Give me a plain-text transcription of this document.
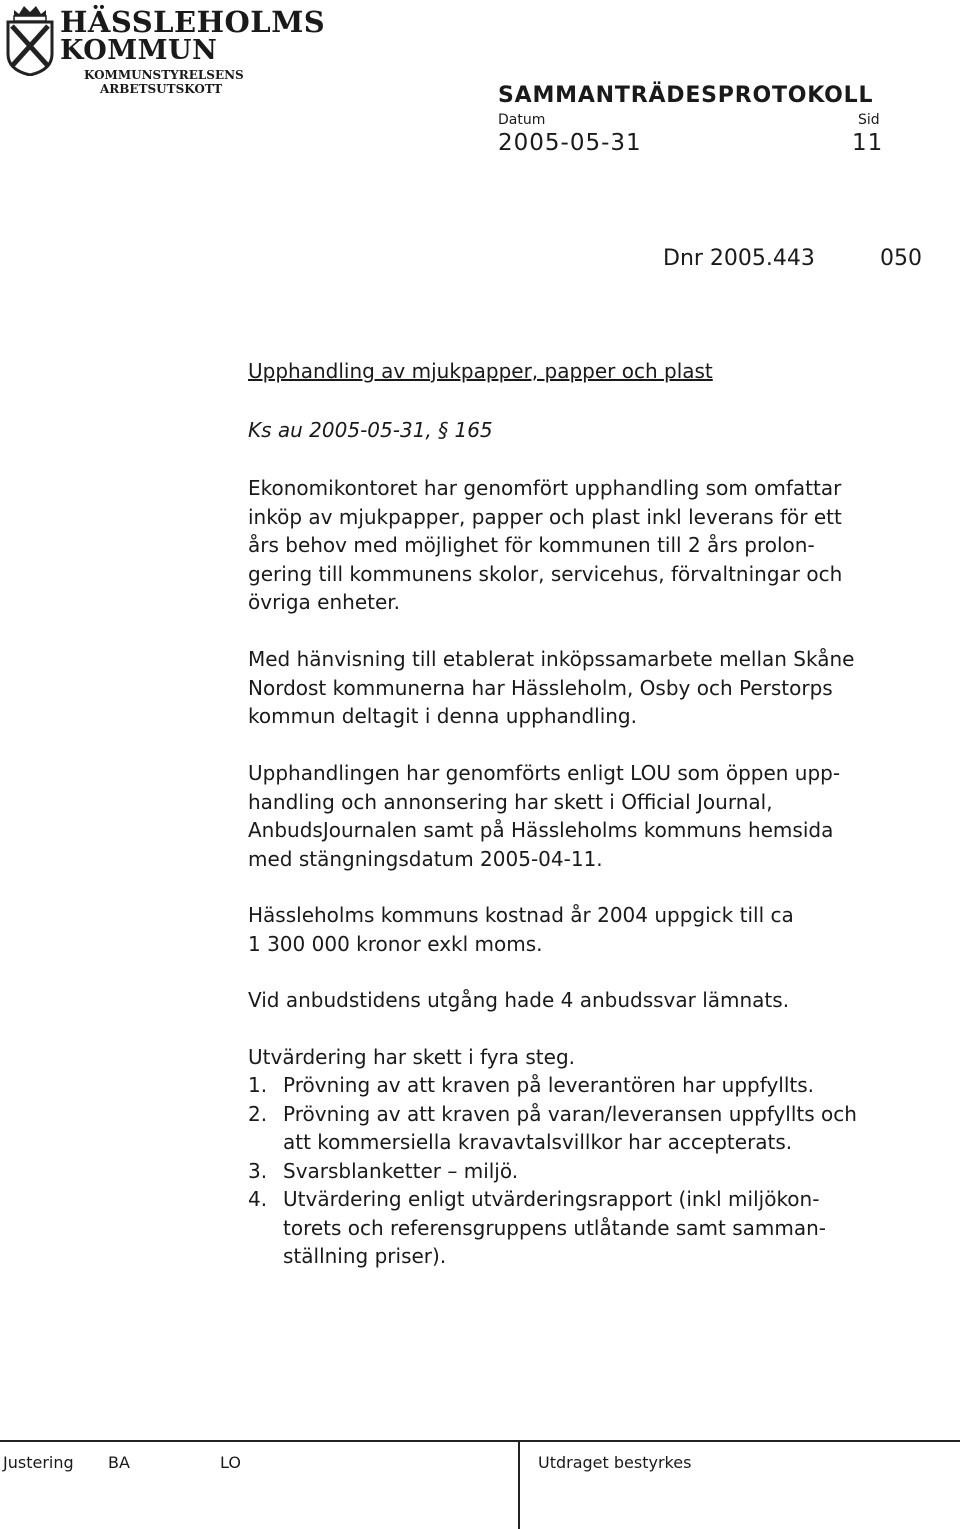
HÄSSLEHOLMS
KOMMUN
KOMMUNSTYRELSENS
ARBETSUTSKOTT	SAMMANTRÄDESPROTOKOLL
Datum	Sid
2005-05-31	11
Dnr 2005.443	050
Upphandling av mjukpapper, papper och plast
Ks au 2005-05-31, § 165
Ekonomikontoret har genomfört upphandling som omfattar
inköp av mjukpapper, papper och plast inkl leverans för ett
års behov med möjlighet för kommunen till 2 års prolon-
gering till kommunens skolor, servicehus, förvaltningar och
övriga enheter.
Med hänvisning till etablerat inköpssamarbete mellan Skåne
Nordost kommunerna har Hässleholm, Osby och Perstorps
kommun deltagit i denna upphandling.
Upphandlingen har genomförts enligt LOU som öppen upp-
handling och annonsering har skett i Official Journal,
AnbudsJournalen samt på Hässleholms kommuns hemsida
med stängningsdatum 2005-04-11.
Hässleholms kommuns kostnad år 2004 uppgick till ca
1 300 000 kronor exkl moms.
Vid anbudstidens utgång hade 4 anbudssvar lämnats.
Utvärdering har skett i fyra steg.
1. Prövning av att kraven på leverantören har uppfyllts.
2. Prövning av att kraven på varan/leveransen uppfyllts och
att kommersiella kravavtalsvillkor har accepterats.
3. Svarsblanketter – miljö.
4. Utvärdering enligt utvärderingsrapport (inkl miljökon-
torets och referensgruppens utlåtande samt samman-
ställning priser).
Justering BA	LO	Utdraget bestyrkes
